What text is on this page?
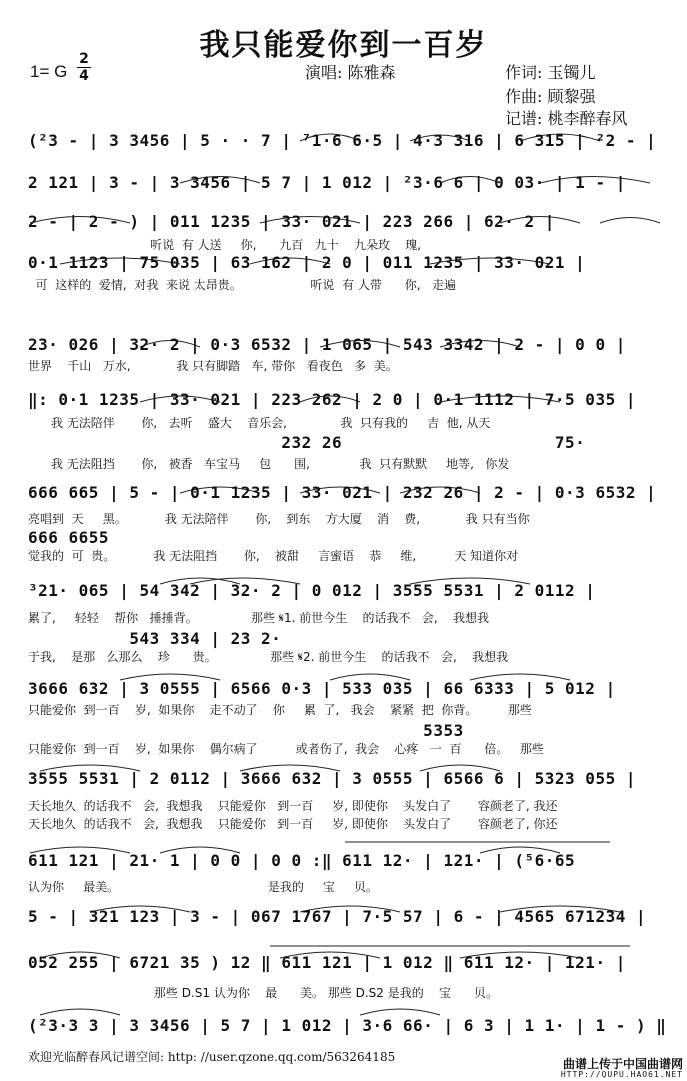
我只能爱你到一百岁
1= G
2
4	演唱: 陈雅森	作词: 玉镯儿
作曲: 顾黎强
记谱: 桃李醉春风
(²3 - | 3 3456 | 5 · · 7 | ⁷1·6 6·5 | 4·3 316 | 6 315 | ²2 - |
2 121 | 3 - | 3 3456 | 5 7 | 1 012 | ²3·6 6 | 0 03· | 1 - |
2 - | 2 - ) | 011 1235 | 33· 021 | 223 266 | 62· 2 |
听说  有 人送     你,      九百   九十    九朵玫    瑰,
0·1 1123 | 75 035 | 63 162 | 2 0 | 011 1235 | 33· 021 |
可  这样的  爱情,  对我  来说 太昂贵。                  听说  有 人带      你,   走遍
23· 026 | 32· 2 | 0·3 6532 | 1 065 | 543 3342 | 2 - | 0 0 |
世界    千山   万水,            我 只有脚踏   车, 带你   看夜色   多  美。
‖: 0·1 1235 | 33· 021 | 223 262 | 2 0 | 0·1 1112 | 7·5 035 |
我 无法陪伴       你,   去听    盛大    音乐会,              我  只有我的     吉  他, 从天
232 26                     75·
我 无法阻挡       你,   被香   车宝马     包      围,             我  只有默默     地等,   你发
666 665 | 5 - | 0·1 1235 | 33· 021 | 232 26 | 2 - | 0·3 6532 |
亮唱到  天     黑。          我 无法陪伴       你,    到东    方大厦    消    费,            我 只有当你
666 6655
觉我的  可  贵。          我 无法阻挡       你,    被甜     言蜜语    恭     维,          天 知道你对
³21· 065 | 54 342 | 32· 2 | 0 012 | 3555 5531 | 2 0112 |
累了,     轻轻    帮你   捶捶背。              那些 𝄋1. 前世今生    的话我不   会,    我想我
543 334 | 23 2·
于我,    是那   么那么    珍      贵。              那些 𝄋2. 前世今生    的话我不   会,    我想我
3666 632 | 3 0555 | 6566 0·3 | 533 035 | 66 6333 | 5 012 |
只能爱你  到一百    岁,  如果你    走不动了    你     累  了,   我会    紧紧  把  你背。        那些
5353
只能爱你  到一百    岁,  如果你    偶尔病了          或者伤了,  我会    心疼   一  百      倍。   那些
3555 5531 | 2 0112 | 3666 632 | 3 0555 | 6566 6 | 5323 055 |
天长地久  的话我不   会,  我想我    只能爱你   到一百     岁, 即使你    头发白了       容颜老了, 我还
天长地久  的话我不   会,  我想我    只能爱你   到一百     岁, 即使你    头发白了       容颜老了, 你还
611 121 | 21· 1 | 0 0 | 0 0 :‖ 611 12· | 121· | (⁵6·65
认为你     最美。                                       是我的     宝     贝。
5 - | 321 123 | 3 - | 067 1767 | 7·5 57 | 6 - | 4565 671234 |
052 255 | 6721 35 ) 12 ‖ 611 121 | 1 012 ‖ 611 12· | 121· |
那些 D.S1 认为你    最      美。 那些 D.S2 是我的    宝      贝。
(²3·3 3 | 3 3456 | 5 7 | 1 012 | 3·6 66· | 6 3 | 1 1· | 1 - ) ‖
欢迎光临醉春风记谱空间: http: //user.qzone.qq.com/563264185	曲谱上传于中国曲谱网
HTTP://QUPU.HAO61.NET
